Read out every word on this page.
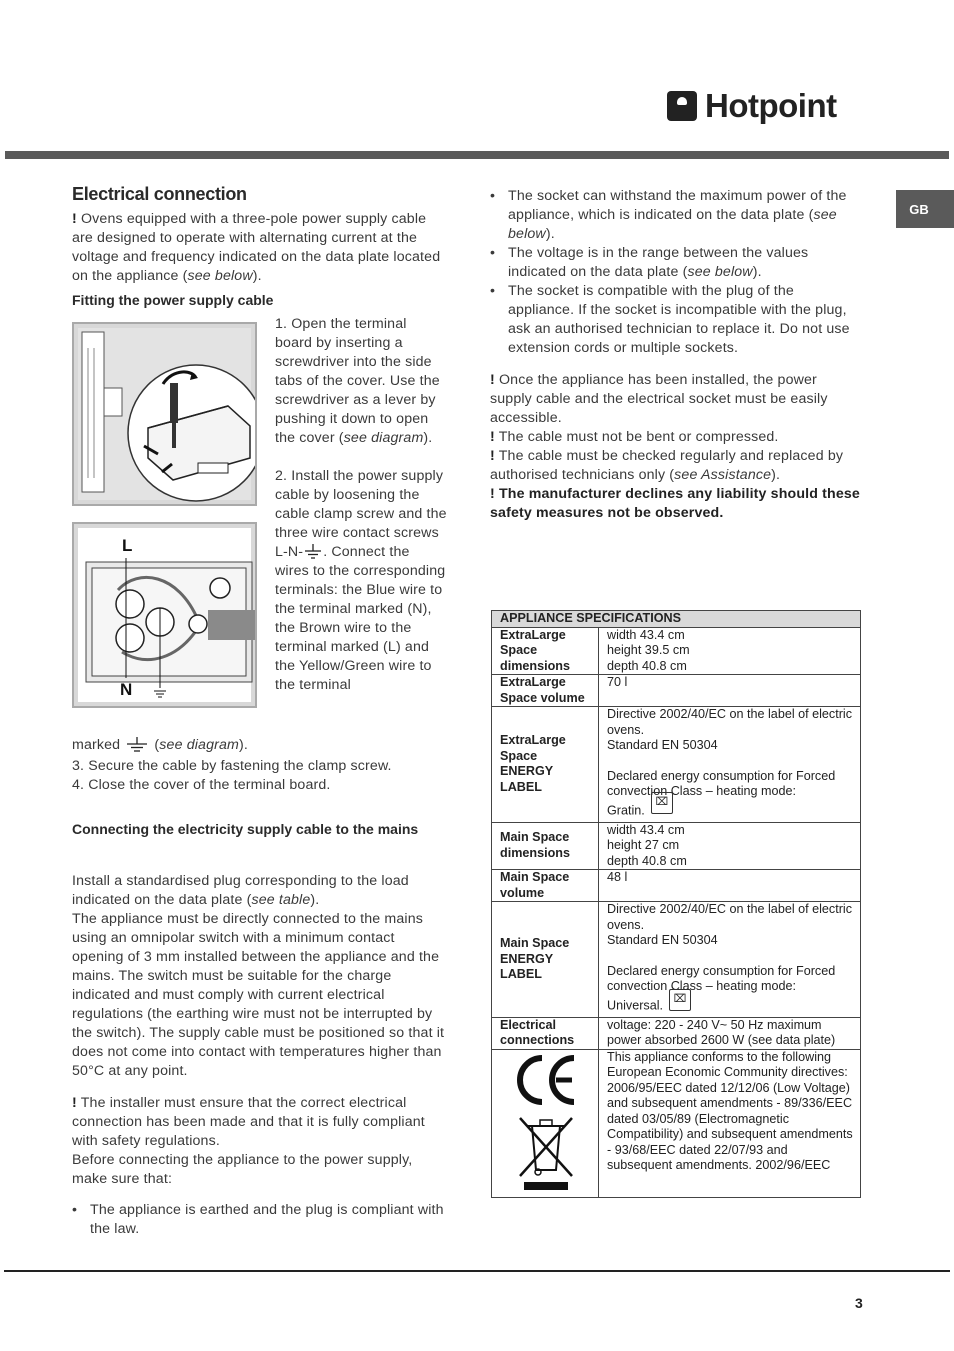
Hotpoint
GB
Electrical connection

! Ovens equipped with a three-pole power supply cable are designed to operate with alternating current at the voltage and frequency indicated on the data plate located on the appliance (see below).

Fitting the power supply cable

L
N

1. Open the terminal board by inserting a screwdriver into the side tabs of the cover. Use the screwdriver as a lever by pushing it down to open the cover (see diagram).

2. Install the power supply cable by loosening the cable clamp screw and the three wire contact screws L-N- . Connect the wires to the corresponding terminals: the Blue wire to the terminal marked (N), the Brown wire to the terminal marked (L) and the Yellow/Green wire to the terminal

marked  (see diagram).

3. Secure the cable by fastening the clamp screw.

4. Close the cover of the terminal board.

Connecting the electricity supply cable to the mains

Install a standardised plug corresponding to the load indicated on the data plate (see table).

The appliance must be directly connected to the mains using an omnipolar switch with a minimum contact opening of 3 mm installed between the appliance and the mains. The switch must be suitable for the charge indicated and must comply with current electrical regulations (the earthing wire must not be interrupted by the switch). The supply cable must be positioned so that it does not come into contact with temperatures higher than 50°C at any point.

! The installer must ensure that the correct electrical connection has been made and that it is fully compliant with safety regulations.

Before connecting the appliance to the power supply, make sure that:

• The appliance is earthed and the plug is compliant with the law.
• The socket can withstand the maximum power of the appliance, which is indicated on the data plate (see below).
• The voltage is in the range between the values indicated on the data plate (see below).
• The socket is compatible with the plug of the appliance. If the socket is incompatible with the plug, ask an authorised technician to replace it. Do not use extension cords or multiple sockets.

! Once the appliance has been installed, the power supply cable and the electrical socket must be easily accessible.

! The cable must not be bent or compressed.

! The cable must be checked regularly and replaced by authorised technicians only (see Assistance).

! The manufacturer declines any liability should these safety measures not be observed.

APPLIANCE SPECIFICATIONS	
ExtraLarge Space dimensions	width 43.4 cm
height 39.5 cm
depth 40.8 cm

ExtraLarge Space volume	70 l
ExtraLarge Space ENERGY LABEL	Directive 2002/40/EC on the label of electric ovens.
Standard EN 50304
Declared energy consumption for Forced convection Class – heating mode:
Gratin.⌧

Main Space dimensions	width 43.4 cm
height 27 cm
depth 40.8 cm

Main Space volume	48 l
Main Space ENERGY LABEL	Directive 2002/40/EC on the label of electric ovens.
Standard EN 50304
Declared energy consumption for Forced convection Class – heating mode:
Universal. ⌧

Electrical connections	voltage: 220 - 240 V~ 50 Hz maximum power absorbed 2600 W (see data plate)
	This appliance conforms to the following European Economic Community directives: 2006/95/EEC dated 12/12/06 (Low Voltage) and subsequent amendments - 89/336/EEC dated 03/05/89 (Electromagnetic Compatibility) and subsequent amendments - 93/68/EEC dated 22/07/93 and subsequent amendments. 2002/96/EEC
3
